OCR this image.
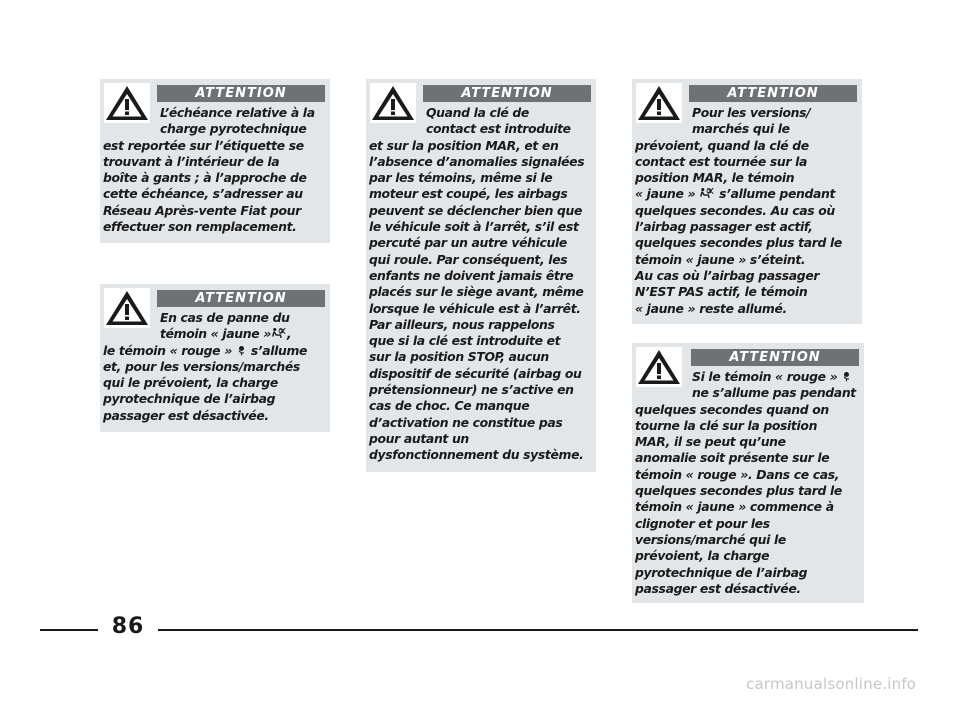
ATTENTION

L’échéance relative à la
charge pyrotechnique
est reportée sur l’étiquette se
trouvant à l’intérieur de la
boîte à gants ; à l’approche de
cette échéance, s’adresser au
Réseau Après-vente Fiat pour
effectuer son remplacement.

ATTENTION

En cas de panne du
témoin « jaune » ,
le témoin « rouge »  s’allume
et, pour les versions/marchés
qui le prévoient, la charge
pyrotechnique de l’airbag
passager est désactivée.

ATTENTION

Quand la clé de
contact est introduite
et sur la position MAR, et en
l’absence d’anomalies signalées
par les témoins, même si le
moteur est coupé, les airbags
peuvent se déclencher bien que
le véhicule soit à l’arrêt, s’il est
percuté par un autre véhicule
qui roule. Par conséquent, les
enfants ne doivent jamais être
placés sur le siège avant, même
lorsque le véhicule est à l’arrêt.
Par ailleurs, nous rappelons
que si la clé est introduite et
sur la position STOP, aucun
dispositif de sécurité (airbag ou
prétensionneur) ne s’active en
cas de choc. Ce manque
d’activation ne constitue pas
pour autant un
dysfonctionnement du système.

ATTENTION

Pour les versions/
marchés qui le
prévoient, quand la clé de
contact est tournée sur la
position MAR, le témoin
« jaune »  s’allume pendant
quelques secondes. Au cas où
l’airbag passager est actif,
quelques secondes plus tard le
témoin « jaune » s’éteint.
Au cas où l’airbag passager
N’EST PAS actif, le témoin
« jaune » reste allumé.

ATTENTION

Si le témoin « rouge »
ne s’allume pas pendant
quelques secondes quand on
tourne la clé sur la position
MAR, il se peut qu’une
anomalie soit présente sur le
témoin « rouge ». Dans ce cas,
quelques secondes plus tard le
témoin « jaune » commence à
clignoter et pour les
versions/marché qui le
prévoient, la charge
pyrotechnique de l’airbag
passager est désactivée.

86
carmanualsonline.info
